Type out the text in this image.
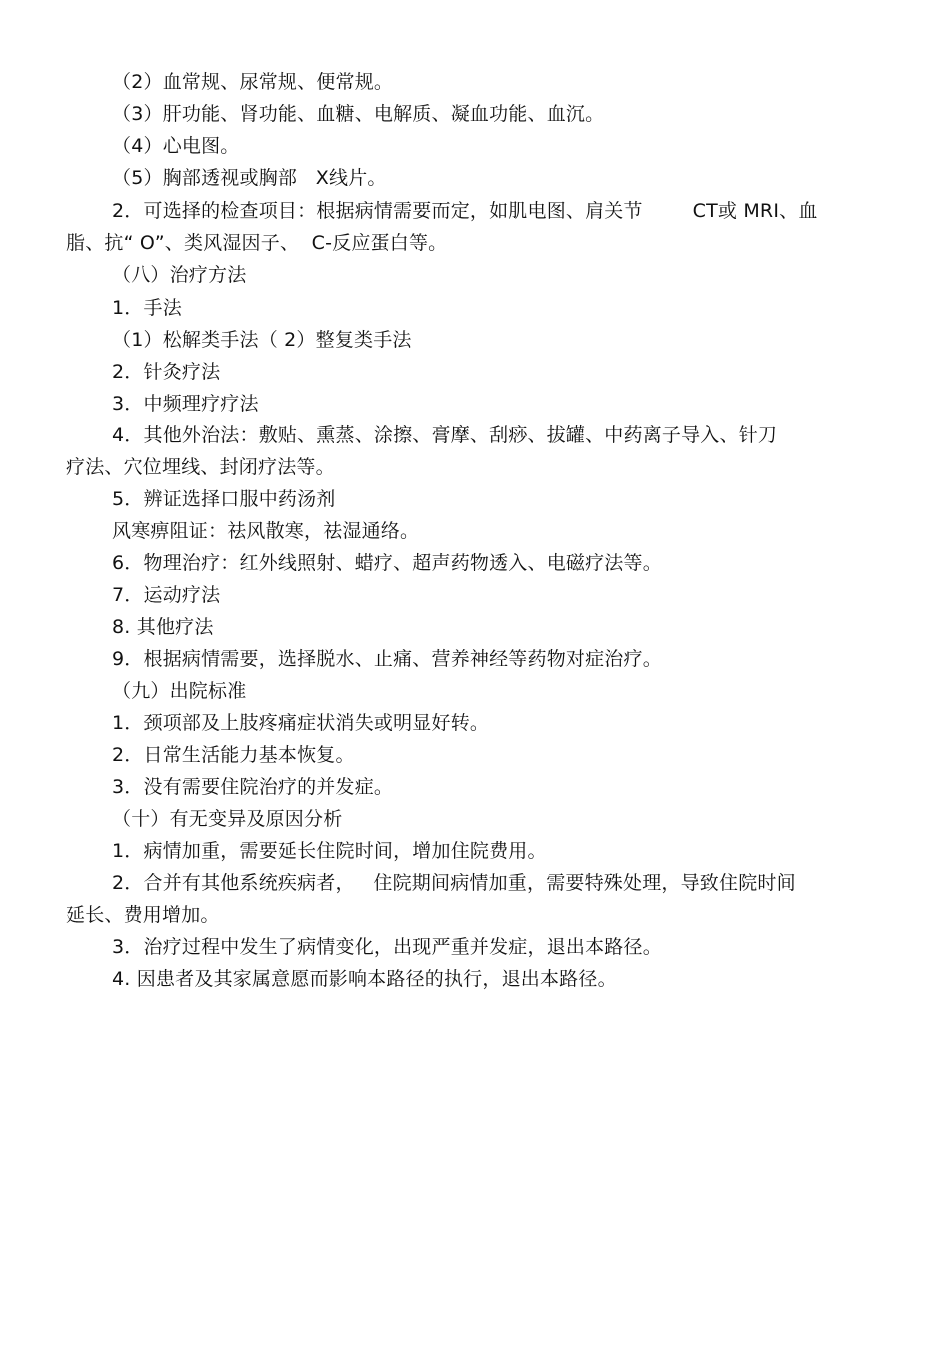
（2）血常规、尿常规、便常规。
（3）肝功能、肾功能、血糖、电解质、凝血功能、血沉。
（4）心电图。
（5）胸部透视或胸部   X线片。
2．可选择的检查项目：根据病情需要而定，如肌电图、肩关节        CT或 MRI、血
脂、抗“ O”、类风湿因子、  C-反应蛋白等。
（八）治疗方法
1．手法
（1）松解类手法（ 2）整复类手法
2．针灸疗法
3．中频理疗疗法
4．其他外治法：敷贴、熏蒸、涂擦、膏摩、刮痧、拔罐、中药离子导入、针刀
疗法、穴位埋线、封闭疗法等。
5．辨证选择口服中药汤剂
风寒痹阻证：祛风散寒，祛湿通络。
6．物理治疗：红外线照射、蜡疗、超声药物透入、电磁疗法等。
7．运动疗法
8. 其他疗法
9．根据病情需要，选择脱水、止痛、营养神经等药物对症治疗。
（九）出院标准
1．颈项部及上肢疼痛症状消失或明显好转。
2．日常生活能力基本恢复。
3．没有需要住院治疗的并发症。
（十）有无变异及原因分析
1．病情加重，需要延长住院时间，增加住院费用。
2．合并有其他系统疾病者，   住院期间病情加重，需要特殊处理，导致住院时间
延长、费用增加。
3．治疗过程中发生了病情变化，出现严重并发症，退出本路径。
4. 因患者及其家属意愿而影响本路径的执行，退出本路径。
